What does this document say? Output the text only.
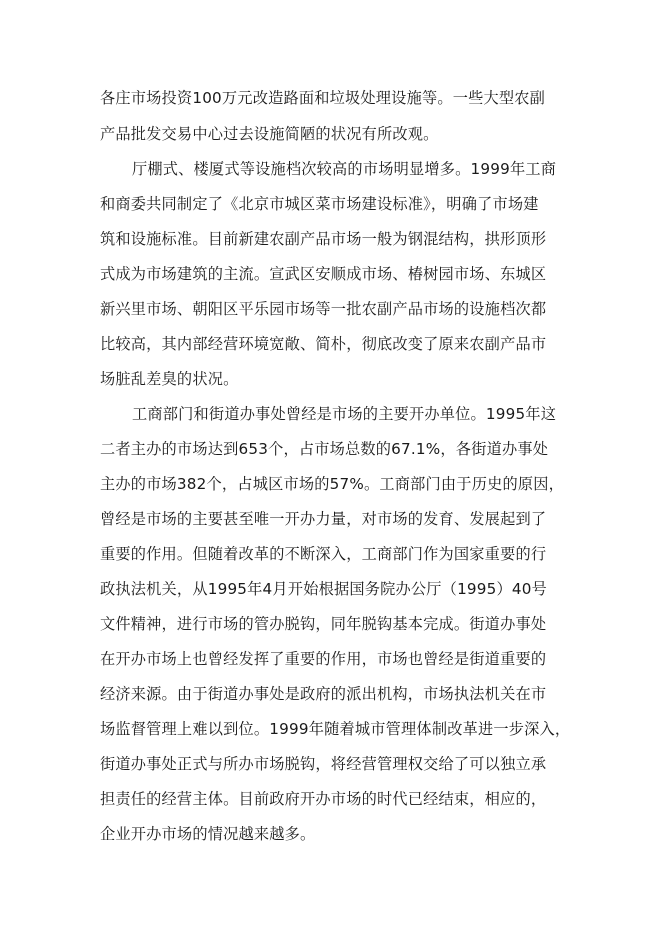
各庄市场投资100万元改造路面和垃圾处理设施等。一些大型农副
产品批发交易中心过去设施简陋的状况有所改观。
厅棚式、楼厦式等设施档次较高的市场明显增多。1999年工商
和商委共同制定了《北京市城区菜市场建设标准》，明确了市场建
筑和设施标准。目前新建农副产品市场一般为钢混结构，拱形顶形
式成为市场建筑的主流。宣武区安顺成市场、椿树园市场、东城区
新兴里市场、朝阳区平乐园市场等一批农副产品市场的设施档次都
比较高，其内部经营环境宽敞、简朴，彻底改变了原来农副产品市
场脏乱差臭的状况。
工商部门和街道办事处曾经是市场的主要开办单位。1995年这
二者主办的市场达到653个，占市场总数的67.1%，各街道办事处
主办的市场382个，占城区市场的57%。工商部门由于历史的原因，
曾经是市场的主要甚至唯一开办力量，对市场的发育、发展起到了
重要的作用。但随着改革的不断深入，工商部门作为国家重要的行
政执法机关，从1995年4月开始根据国务院办公厅（1995）40号
文件精神，进行市场的管办脱钩，同年脱钩基本完成。街道办事处
在开办市场上也曾经发挥了重要的作用，市场也曾经是街道重要的
经济来源。由于街道办事处是政府的派出机构，市场执法机关在市
场监督管理上难以到位。1999年随着城市管理体制改革进一步深入，
街道办事处正式与所办市场脱钩，将经营管理权交给了可以独立承
担责任的经营主体。目前政府开办市场的时代已经结束，相应的，
企业开办市场的情况越来越多。
